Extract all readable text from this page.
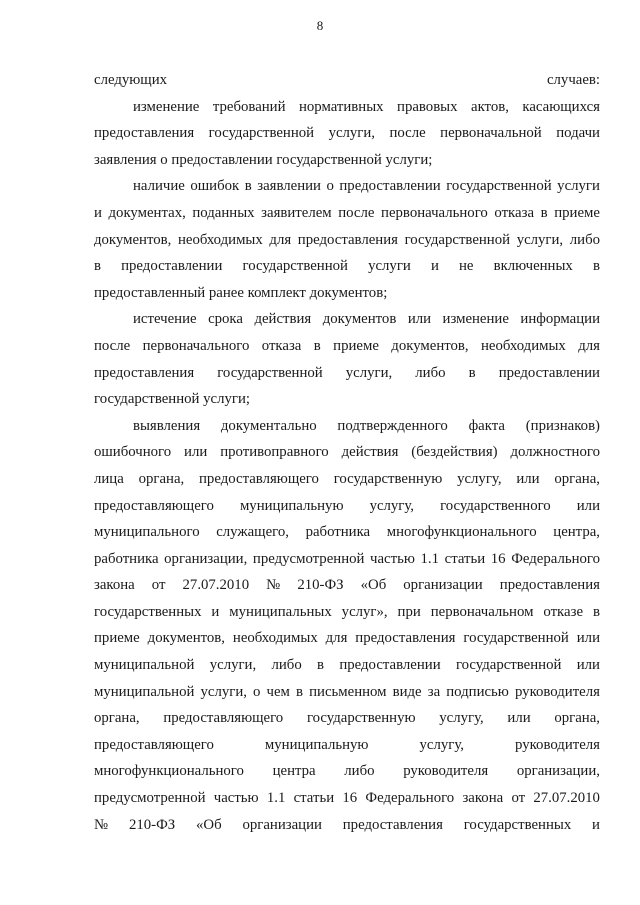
8
следующих	случаев:
изменение требований нормативных правовых актов, касающихся
предоставления государственной услуги, после первоначальной подачи
заявления о предоставлении государственной услуги;
наличие ошибок в заявлении о предоставлении государственной услуги
и документах, поданных заявителем после первоначального отказа в приеме
документов, необходимых для предоставления государственной услуги, либо
в предоставлении государственной услуги и не включенных в
предоставленный ранее комплект документов;
истечение срока действия документов или изменение информации
после первоначального отказа в приеме документов, необходимых для
предоставления государственной услуги, либо в предоставлении
государственной услуги;
выявления документально подтвержденного факта (признаков)
ошибочного или противоправного действия (бездействия) должностного
лица органа, предоставляющего государственную услугу, или органа,
предоставляющего муниципальную услугу, государственного или
муниципального служащего, работника многофункционального центра,
работника организации, предусмотренной частью 1.1 статьи 16 Федерального
закона от 27.07.2010 № 210-ФЗ «Об организации предоставления
государственных и муниципальных услуг», при первоначальном отказе в
приеме документов, необходимых для предоставления государственной или
муниципальной услуги, либо в предоставлении государственной или
муниципальной услуги, о чем в письменном виде за подписью руководителя
органа, предоставляющего государственную услугу, или органа,
предоставляющего	муниципальную	услугу,	руководителя
многофункционального центра либо руководителя организации,
предусмотренной частью 1.1 статьи 16 Федерального закона от 27.07.2010
№ 210-ФЗ «Об организации предоставления государственных и
